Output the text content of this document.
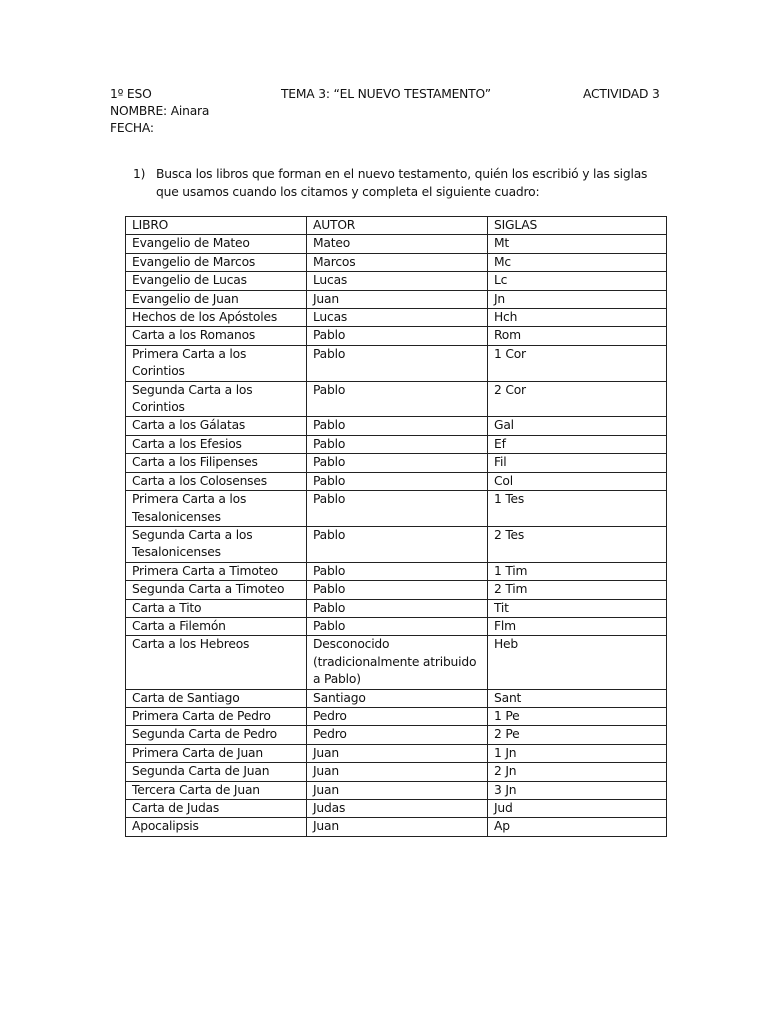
1º ESO
NOMBRE: Ainara
FECHA:
TEMA 3: “EL NUEVO TESTAMENTO”	ACTIVIDAD 3
1) Busca los libros que forman en el nuevo testamento, quién los escribió y las siglas que usamos cuando los citamos y completa el siguiente cuadro:
LIBRO	AUTOR	SIGLAS
Evangelio de Mateo	Mateo	Mt
Evangelio de Marcos	Marcos	Mc
Evangelio de Lucas	Lucas	Lc
Evangelio de Juan	Juan	Jn
Hechos de los Apóstoles	Lucas	Hch
Carta a los Romanos	Pablo	Rom
Primera Carta a los
Corintios	Pablo	1 Cor
Segunda Carta a los
Corintios	Pablo	2 Cor
Carta a los Gálatas	Pablo	Gal
Carta a los Efesios	Pablo	Ef
Carta a los Filipenses	Pablo	Fil
Carta a los Colosenses	Pablo	Col
Primera Carta a los
Tesalonicenses	Pablo	1 Tes
Segunda Carta a los
Tesalonicenses	Pablo	2 Tes
Primera Carta a Timoteo	Pablo	1 Tim
Segunda Carta a Timoteo	Pablo	2 Tim
Carta a Tito	Pablo	Tit
Carta a Filemón	Pablo	Flm
Carta a los Hebreos	Desconocido
(tradicionalmente atribuido
a Pablo)	Heb
Carta de Santiago	Santiago	Sant
Primera Carta de Pedro	Pedro	1 Pe
Segunda Carta de Pedro	Pedro	2 Pe
Primera Carta de Juan	Juan	1 Jn
Segunda Carta de Juan	Juan	2 Jn
Tercera Carta de Juan	Juan	3 Jn
Carta de Judas	Judas	Jud
Apocalipsis	Juan	Ap
